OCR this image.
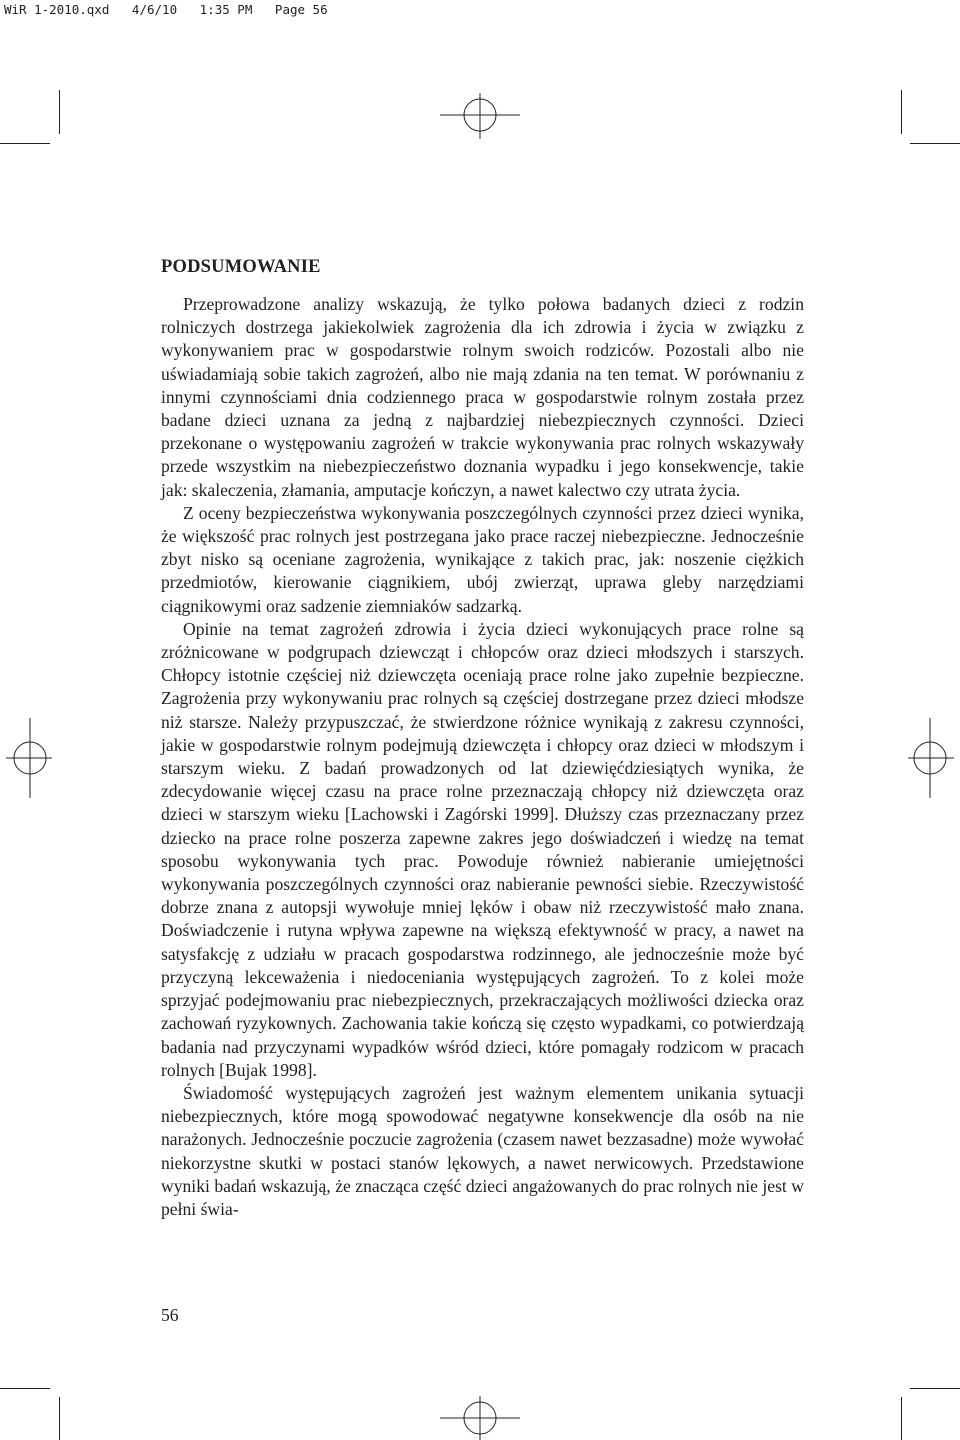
WiR 1-2010.qxd   4/6/10   1:35 PM   Page 56
PODSUMOWANIE

Przeprowadzone analizy wskazują, że tylko połowa badanych dzieci z rodzin rolniczych dostrzega jakiekolwiek zagrożenia dla ich zdrowia i życia w związku z wykonywaniem prac w gospodarstwie rolnym swoich rodziców. Pozostali albo nie uświadamiają sobie takich zagrożeń, albo nie mają zdania na ten temat. W porównaniu z innymi czynnościami dnia codziennego praca w gospodarstwie rolnym została przez badane dzieci uznana za jedną z najbardziej niebezpiecznych czynności. Dzieci przekonane o występowaniu zagrożeń w trakcie wykonywania prac rolnych wskazywały przede wszystkim na niebezpieczeństwo doznania wypadku i jego konsekwencje, takie jak: skaleczenia, złamania, amputacje kończyn, a nawet kalectwo czy utrata życia.

Z oceny bezpieczeństwa wykonywania poszczególnych czynności przez dzieci wynika, że większość prac rolnych jest postrzegana jako prace raczej niebezpieczne. Jednocześnie zbyt nisko są oceniane zagrożenia, wynikające z takich prac, jak: noszenie ciężkich przedmiotów, kierowanie ciągnikiem, ubój zwierząt, uprawa gleby narzędziami ciągnikowymi oraz sadzenie ziemniaków sadzarką.

Opinie na temat zagrożeń zdrowia i życia dzieci wykonujących prace rolne są zróżnicowane w podgrupach dziewcząt i chłopców oraz dzieci młodszych i starszych. Chłopcy istotnie częściej niż dziewczęta oceniają prace rolne jako zupełnie bezpieczne. Zagrożenia przy wykonywaniu prac rolnych są częściej dostrzegane przez dzieci młodsze niż starsze. Należy przypuszczać, że stwierdzone różnice wynikają z zakresu czynności, jakie w gospodarstwie rolnym podejmują dziewczęta i chłopcy oraz dzieci w młodszym i starszym wieku. Z badań prowadzonych od lat dziewięćdziesiątych wynika, że zdecydowanie więcej czasu na prace rolne przeznaczają chłopcy niż dziewczęta oraz dzieci w starszym wieku [Lachowski i Zagórski 1999]. Dłuższy czas przeznaczany przez dziecko na prace rolne poszerza zapewne zakres jego doświadczeń i wiedzę na temat sposobu wykonywania tych prac. Powoduje również nabieranie umiejętności wykonywania poszczególnych czynności oraz nabieranie pewności siebie. Rzeczywistość dobrze znana z autopsji wywołuje mniej lęków i obaw niż rzeczywistość mało znana. Doświadczenie i rutyna wpływa zapewne na większą efektywność w pracy, a nawet na satysfakcję z udziału w pracach gospodarstwa rodzinnego, ale jednocześnie może być przyczyną lekceważenia i niedoceniania występujących zagrożeń. To z kolei może sprzyjać podejmowaniu prac niebezpiecznych, przekraczających możliwości dziecka oraz zachowań ryzykownych. Zachowania takie kończą się często wypadkami, co potwierdzają badania nad przyczynami wypadków wśród dzieci, które pomagały rodzicom w pracach rolnych [Bujak 1998].

Świadomość występujących zagrożeń jest ważnym elementem unikania sytuacji niebezpiecznych, które mogą spowodować negatywne konsekwencje dla osób na nie narażonych. Jednocześnie poczucie zagrożenia (czasem nawet bezzasadne) może wywołać niekorzystne skutki w postaci stanów lękowych, a nawet nerwicowych. Przedstawione wyniki badań wskazują, że znacząca część dzieci angażowanych do prac rolnych nie jest w pełni świa-

56
